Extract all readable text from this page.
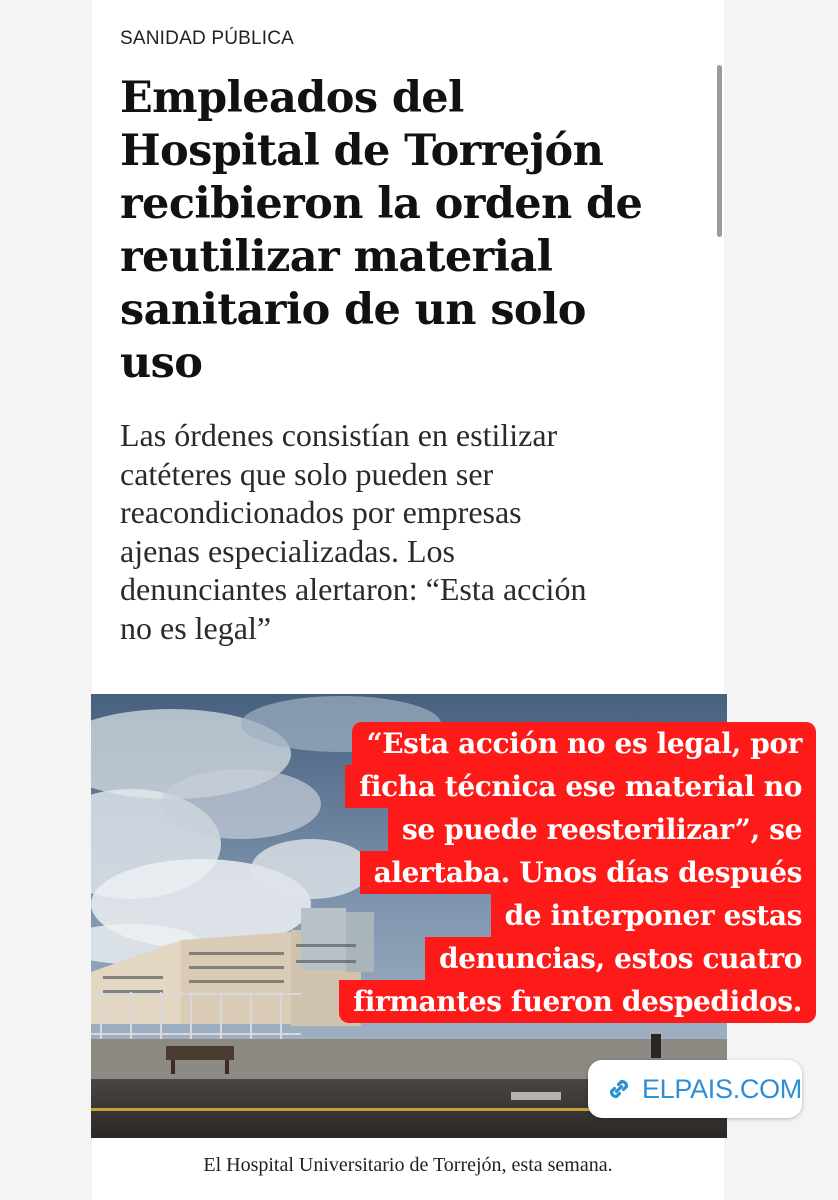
SANIDAD PÚBLICA
Empleados del
Hospital de Torrejón
recibieron la orden de
reutilizar material
sanitario de un solo
uso

Las órdenes consistían en estilizar
catéteres que solo pueden ser
reacondicionados por empresas
ajenas especializadas. Los
denunciantes alertaron: “Esta acción
no es legal”

“Esta acción no es legal, por
ficha técnica ese material no
se puede reesterilizar”, se
alertaba. Unos días después
de interponer estas
denuncias, estos cuatro
firmantes fueron despedidos.
ELPAIS.COM
El Hospital Universitario de Torrejón, esta semana.
